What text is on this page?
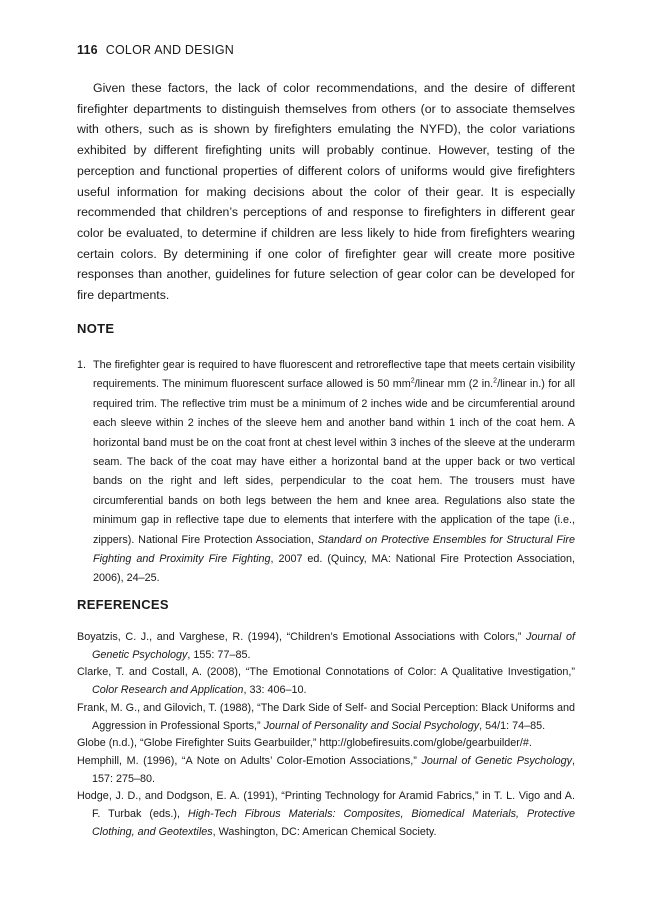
116 COLOR AND DESIGN

Given these factors, the lack of color recommendations, and the desire of different firefighter departments to distinguish themselves from others (or to associate themselves with others, such as is shown by firefighters emulating the NYFD), the color variations exhibited by different firefighting units will probably continue. However, testing of the perception and functional properties of different colors of uniforms would give firefighters useful information for making decisions about the color of their gear. It is especially recommended that children’s perceptions of and response to firefighters in different gear color be evaluated, to determine if children are less likely to hide from firefighters wearing certain colors. By determining if one color of firefighter gear will create more positive responses than another, guidelines for future selection of gear color can be developed for fire departments.

NOTE
1. The firefighter gear is required to have fluorescent and retroreflective tape that meets certain visibility requirements. The minimum fluorescent surface allowed is 50 $mm^2$/linear mm (2 in.$^2$/linear in.) for all required trim. The reflective trim must be a minimum of 2 inches wide and be circumferential around each sleeve within 2 inches of the sleeve hem and another band within 1 inch of the coat hem. A horizontal band must be on the coat front at chest level within 3 inches of the sleeve at the underarm seam. The back of the coat may have either a horizontal band at the upper back or two vertical bands on the right and left sides, perpendicular to the coat hem. The trousers must have circumferential bands on both legs between the hem and knee area. Regulations also state the minimum gap in reflective tape due to elements that interfere with the application of the tape (i.e., zippers). National Fire Protection Association, Standard on Protective Ensembles for Structural Fire Fighting and Proximity Fire Fighting, 2007 ed. (Quincy, MA: National Fire Protection Association, 2006), 24–25.
REFERENCES
Boyatzis, C. J., and Varghese, R. (1994), “Children’s Emotional Associations with Colors,” Journal of Genetic Psychology, 155: 77–85.
Clarke, T. and Costall, A. (2008), “The Emotional Connotations of Color: A Qualitative Investigation,” Color Research and Application, 33: 406–10.
Frank, M. G., and Gilovich, T. (1988), “The Dark Side of Self- and Social Perception: Black Uniforms and Aggression in Professional Sports,” Journal of Personality and Social Psychology, 54/1: 74–85.
Globe (n.d.), “Globe Firefighter Suits Gearbuilder,” http://globefiresuits.com/globe/gearbuilder/#.
Hemphill, M. (1996), “A Note on Adults’ Color-Emotion Associations,” Journal of Genetic Psychology, 157: 275–80.
Hodge, J. D., and Dodgson, E. A. (1991), “Printing Technology for Aramid Fabrics,” in T. L. Vigo and A. F. Turbak (eds.), High-Tech Fibrous Materials: Composites, Biomedical Materials, Protective Clothing, and Geotextiles, Washington, DC: American Chemical Society.
